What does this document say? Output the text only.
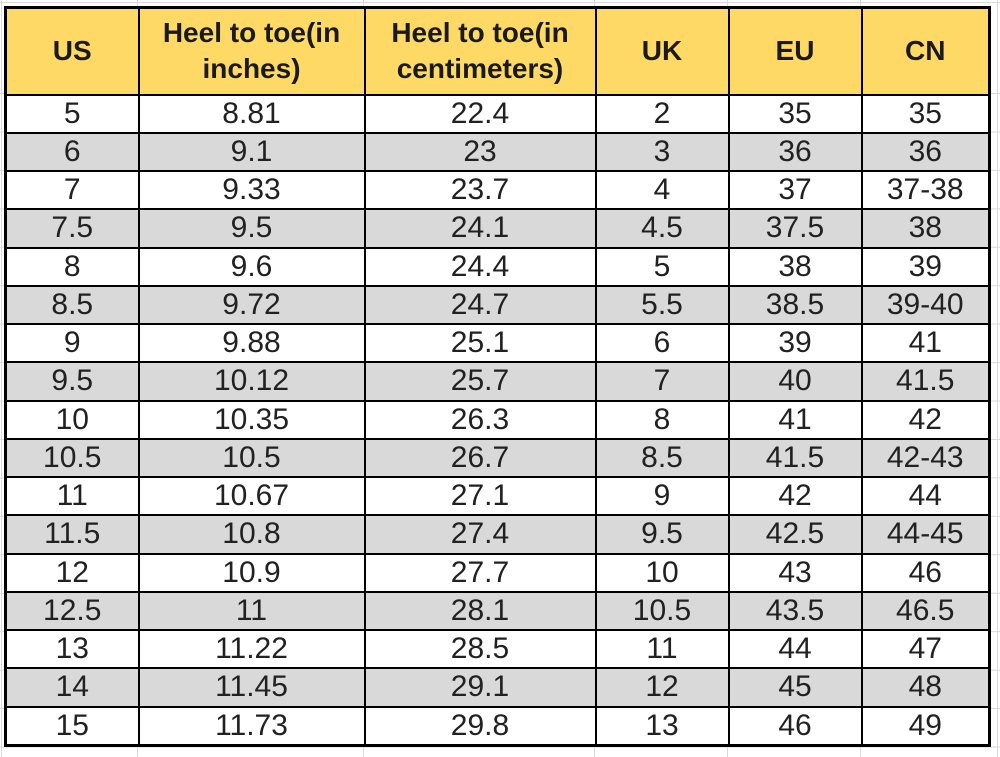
US	Heel to toe(in inches)	Heel to toe(in centimeters)	UK	EU	CN
5	8.81	22.4	2	35	35
6	9.1	23	3	36	36
7	9.33	23.7	4	37	37-38
7.5	9.5	24.1	4.5	37.5	38
8	9.6	24.4	5	38	39
8.5	9.72	24.7	5.5	38.5	39-40
9	9.88	25.1	6	39	41
9.5	10.12	25.7	7	40	41.5
10	10.35	26.3	8	41	42
10.5	10.5	26.7	8.5	41.5	42-43
11	10.67	27.1	9	42	44
11.5	10.8	27.4	9.5	42.5	44-45
12	10.9	27.7	10	43	46
12.5	11	28.1	10.5	43.5	46.5
13	11.22	28.5	11	44	47
14	11.45	29.1	12	45	48
15	11.73	29.8	13	46	49
